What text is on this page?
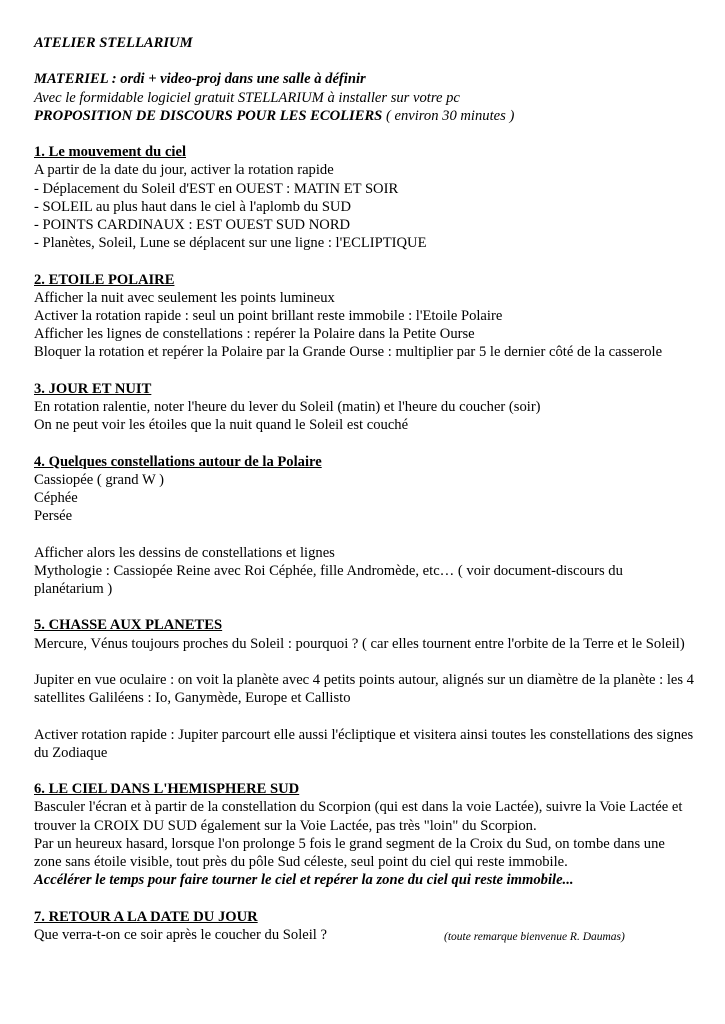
ATELIER STELLARIUM
MATERIEL : ordi + video-proj dans une salle à définir
Avec le formidable logiciel gratuit STELLARIUM à installer sur votre pc
PROPOSITION DE DISCOURS POUR LES ECOLIERS ( environ 30 minutes )
1. Le mouvement du ciel
A partir de la date du jour, activer la rotation rapide
- Déplacement du Soleil d'EST en OUEST : MATIN ET SOIR
- SOLEIL au plus haut dans le ciel à l'aplomb du SUD
- POINTS CARDINAUX : EST OUEST SUD NORD
- Planètes, Soleil, Lune se déplacent sur une ligne : l'ECLIPTIQUE
2. ETOILE POLAIRE
Afficher la nuit avec seulement les points lumineux
Activer la rotation rapide : seul un point brillant reste immobile : l'Etoile Polaire
Afficher les lignes de constellations : repérer la Polaire dans la Petite Ourse
Bloquer la rotation et repérer la Polaire par la Grande Ourse : multiplier par 5 le dernier côté de la casserole
3. JOUR ET NUIT
En rotation ralentie, noter l'heure du lever du Soleil (matin) et l'heure du coucher (soir)
On ne peut voir les étoiles que la nuit quand le Soleil est couché
4. Quelques constellations autour de la Polaire
Cassiopée ( grand W )
Céphée
Persée
Afficher alors les dessins de constellations et lignes
Mythologie : Cassiopée Reine avec Roi Céphée, fille Andromède, etc… ( voir document-discours du planétarium )
5. CHASSE AUX PLANETES
Mercure, Vénus toujours proches du Soleil : pourquoi ? ( car elles tournent entre l'orbite de la Terre et le Soleil)
Jupiter en vue oculaire : on voit la planète avec 4 petits points autour, alignés sur un diamètre de la planète : les 4 satellites Galiléens : Io, Ganymède, Europe et Callisto
Activer rotation rapide : Jupiter parcourt elle aussi l'écliptique et visitera ainsi toutes les constellations des signes du Zodiaque
6. LE CIEL DANS L'HEMISPHERE SUD
Basculer l'écran et à partir de la constellation du Scorpion (qui est dans la voie Lactée), suivre la Voie Lactée et trouver la CROIX DU SUD également sur la Voie Lactée, pas très "loin" du Scorpion.
Par un heureux hasard, lorsque l'on prolonge 5 fois le grand segment de la Croix du Sud, on tombe dans une zone sans étoile visible, tout près du pôle Sud céleste, seul point du ciel qui reste immobile.
Accélérer le temps pour faire tourner le ciel et repérer la zone du ciel qui reste immobile...
7. RETOUR A LA DATE DU JOUR
Que verra-t-on ce soir après le coucher du Soleil ?	(toute remarque bienvenue R. Daumas)
